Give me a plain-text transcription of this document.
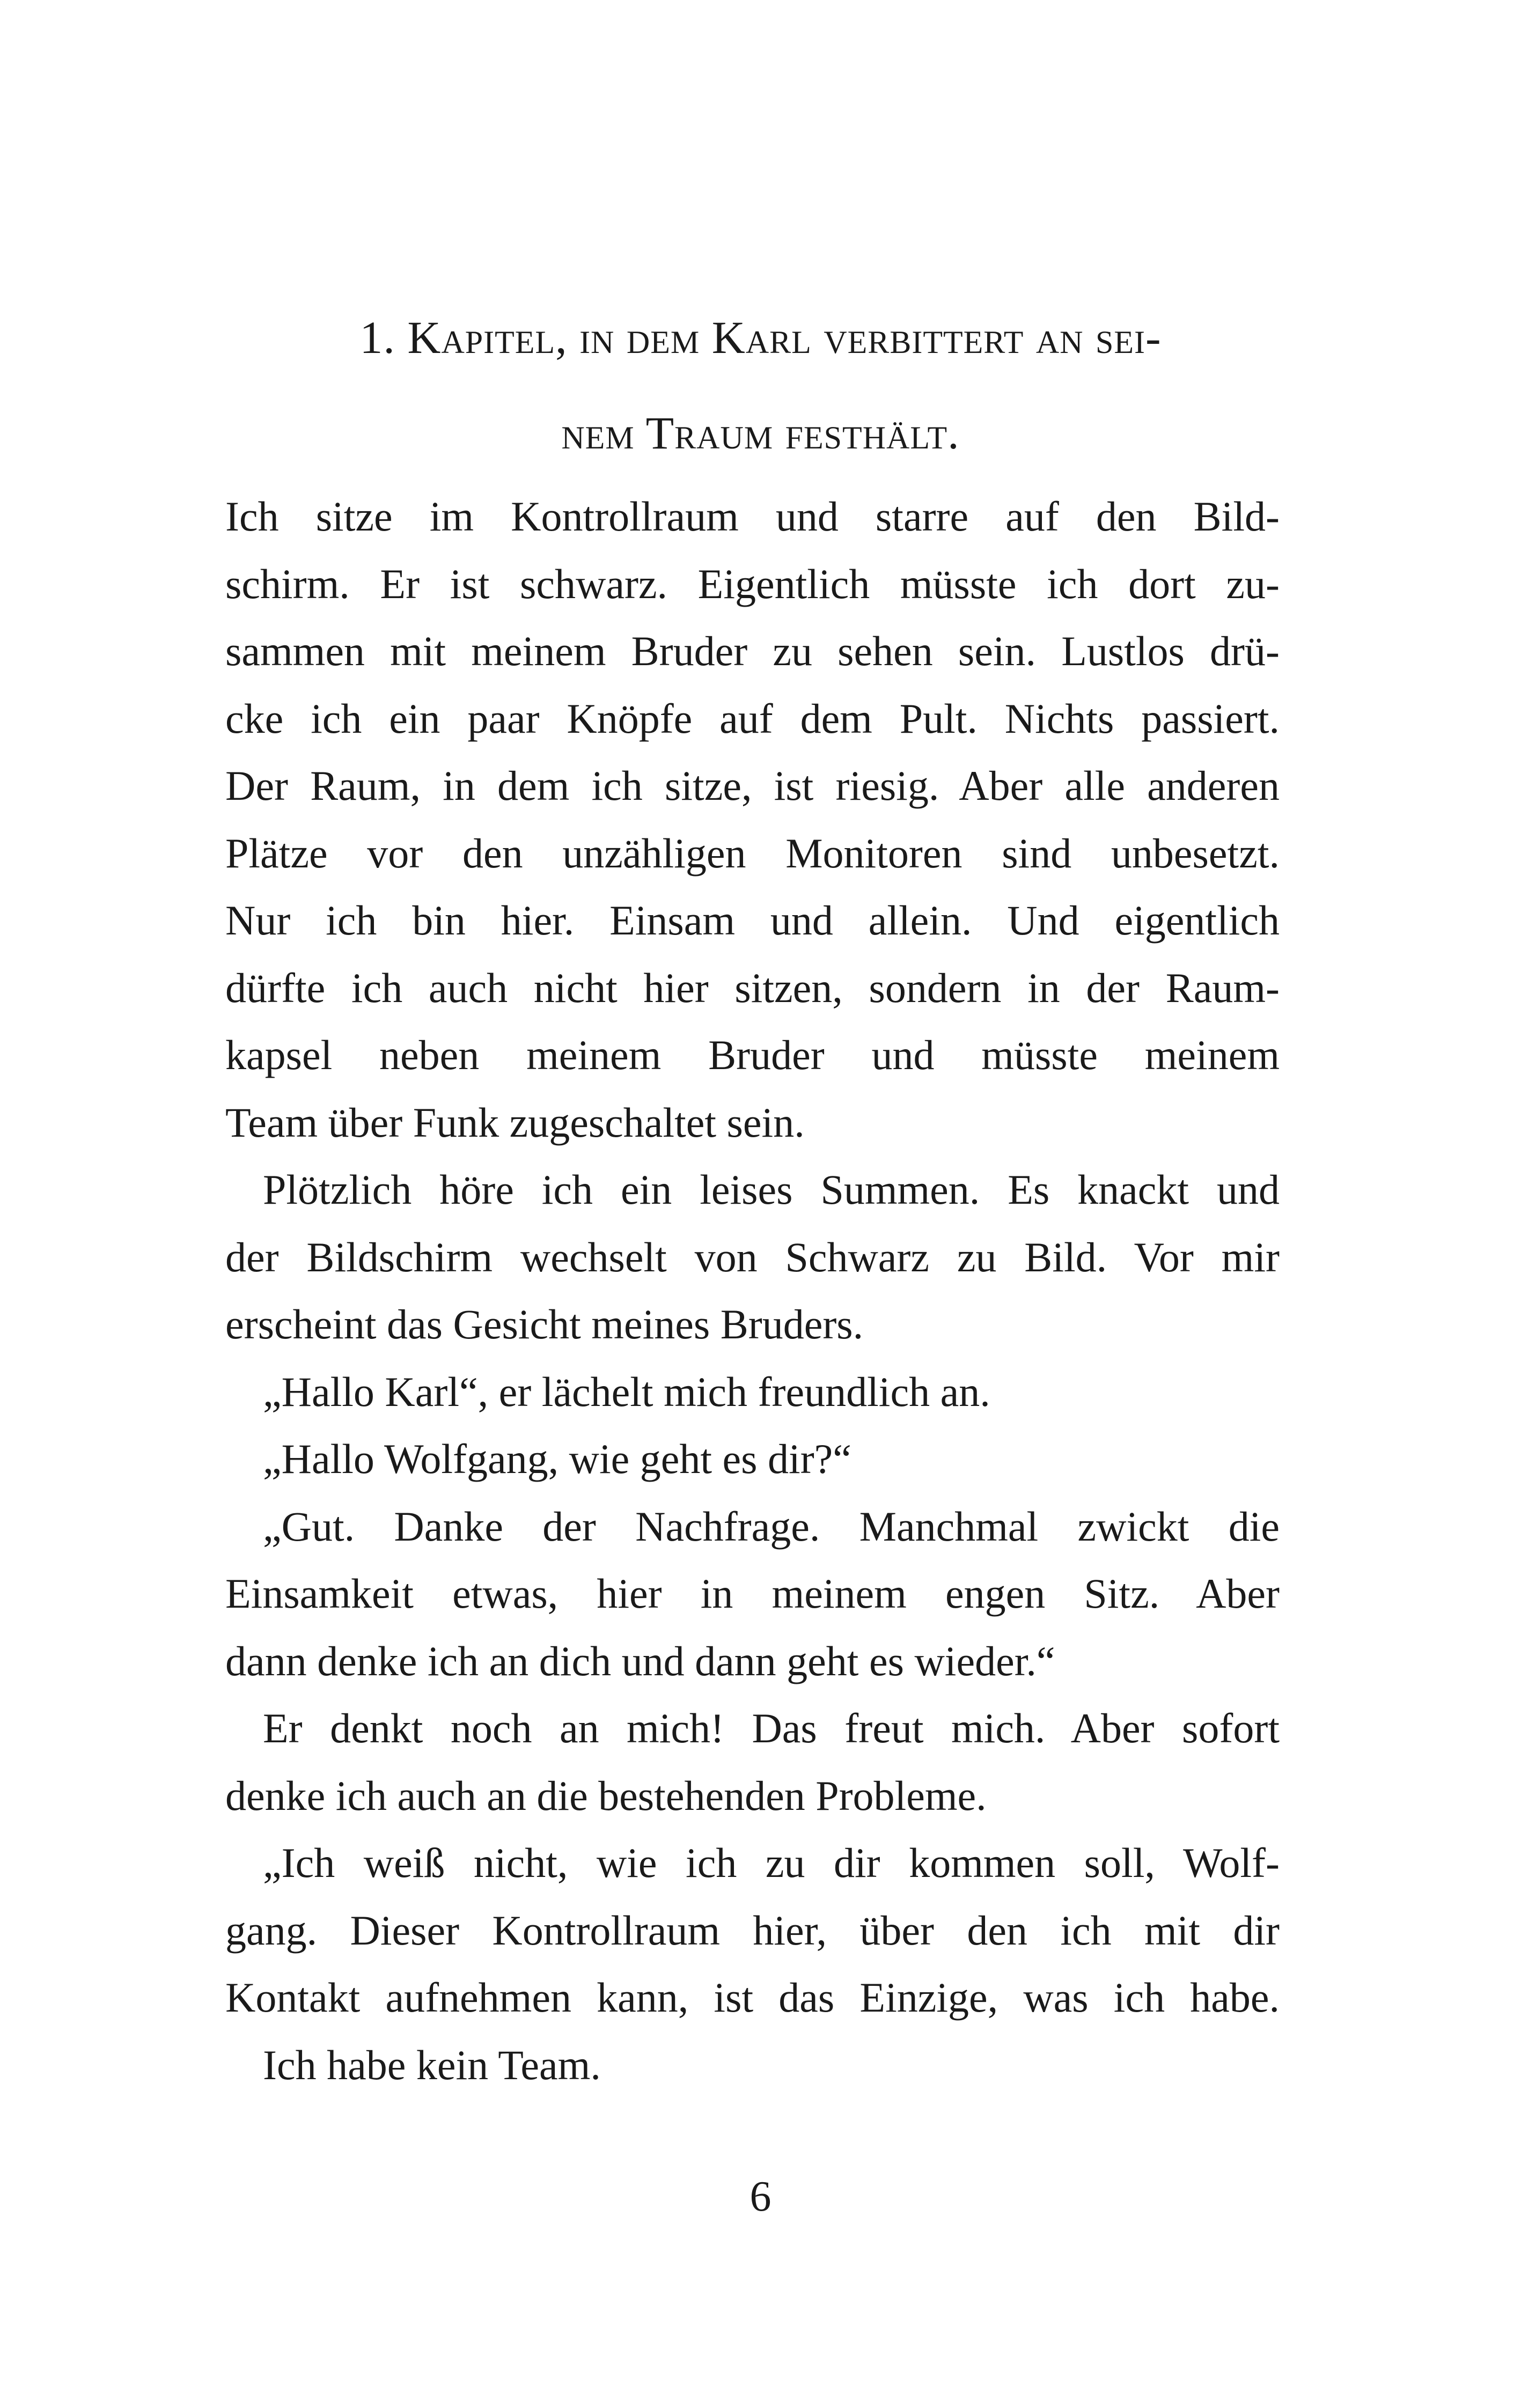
1. Kapitel, in dem Karl verbittert an sei-
nem Traum festhält.
Ich sitze im Kontrollraum und starre auf den Bild-
schirm. Er ist schwarz. Eigentlich müsste ich dort zu-
sammen mit meinem Bruder zu sehen sein. Lustlos drü-
cke ich ein paar Knöpfe auf dem Pult. Nichts passiert.
Der Raum, in dem ich sitze, ist riesig. Aber alle anderen
Plätze vor den unzähligen Monitoren sind unbesetzt.
Nur ich bin hier. Einsam und allein. Und eigentlich
dürfte ich auch nicht hier sitzen, sondern in der Raum-
kapsel neben meinem Bruder und müsste meinem
Team über Funk zugeschaltet sein.
Plötzlich höre ich ein leises Summen. Es knackt und
der Bildschirm wechselt von Schwarz zu Bild. Vor mir
erscheint das Gesicht meines Bruders.
„Hallo Karl“, er lächelt mich freundlich an.
„Hallo Wolfgang, wie geht es dir?“
„Gut. Danke der Nachfrage. Manchmal zwickt die
Einsamkeit etwas, hier in meinem engen Sitz. Aber
dann denke ich an dich und dann geht es wieder.“
Er denkt noch an mich! Das freut mich. Aber sofort
denke ich auch an die bestehenden Probleme.
„Ich weiß nicht, wie ich zu dir kommen soll, Wolf-
gang. Dieser Kontrollraum hier, über den ich mit dir
Kontakt aufnehmen kann, ist das Einzige, was ich habe.
Ich habe kein Team.
6
